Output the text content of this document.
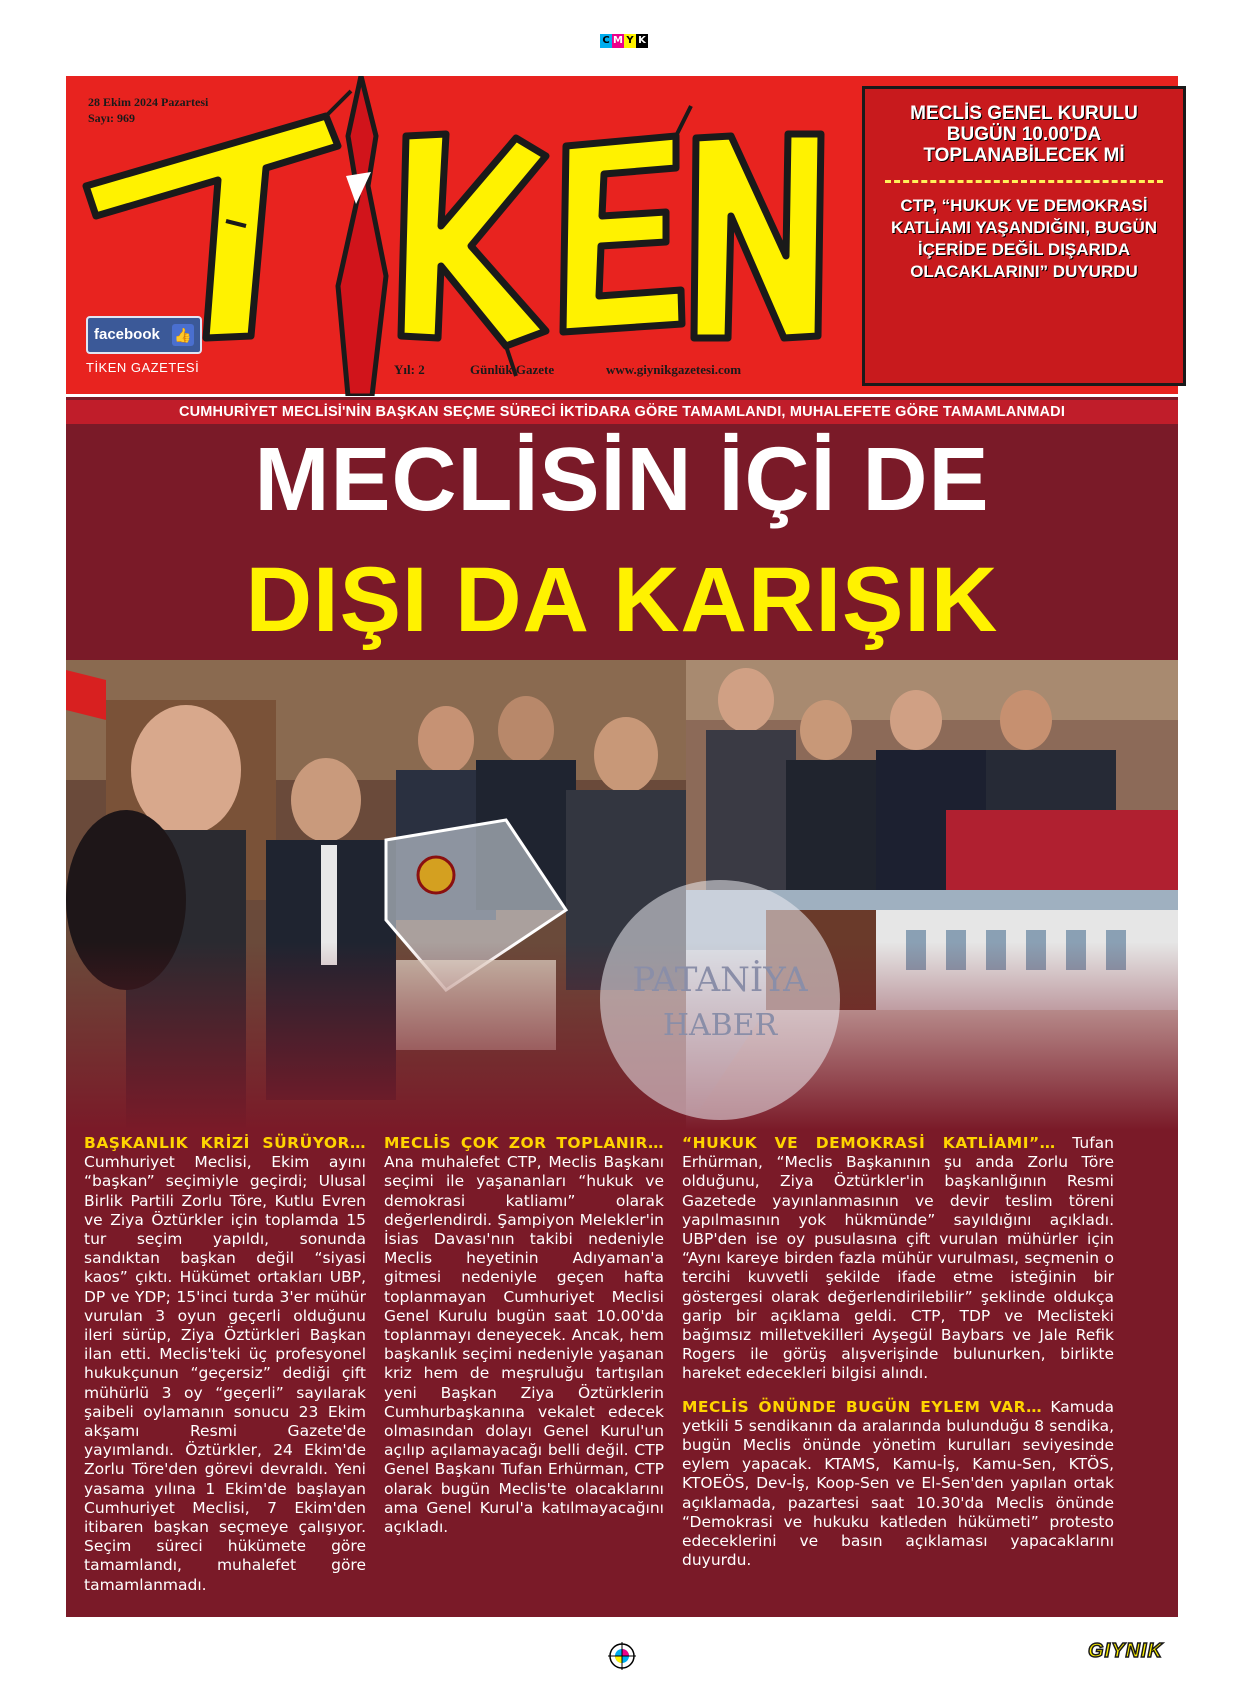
C M Y K
28 Ekim 2024 Pazartesi
Sayı: 969
facebook 👍
TİKEN GAZETESİ	Yıl: 2	Günlük Gazete	www.giynikgazetesi.com
MECLİS GENEL KURULU BUGÜN 10.00'DA TOPLANABİLECEK Mİ
CTP, “HUKUK VE DEMOKRASİ KATLİAMI YAŞANDIĞINI, BUGÜN İÇERİDE DEĞİL DIŞARIDA OLACAKLARINI” DUYURDU
CUMHURİYET MECLİSİ'NİN BAŞKAN SEÇME SÜRECİ İKTİDARA GÖRE TAMAMLANDI, MUHALEFETE GÖRE TAMAMLANMADI
MECLİSİN İÇİ DE
DIŞI DA KARIŞIK
PATANİYA
HABER

BAŞKANLIK KRİZİ SÜRÜYOR… Cumhuriyet Meclisi, Ekim ayını “başkan” seçimiyle geçirdi; Ulusal Birlik Partili Zorlu Töre, Kutlu Evren ve Ziya Öztürkler için toplamda 15 tur seçim yapıldı, sonunda sandıktan başkan değil “siyasi kaos” çıktı. Hükümet ortakları UBP, DP ve YDP; 15'inci turda 3'er mühür vurulan 3 oyun geçerli olduğunu ileri sürüp, Ziya Öztürkleri Başkan ilan etti. Meclis'teki üç profesyonel hukukçunun “geçersiz” dediği çift mühürlü 3 oy “geçerli” sayılarak şaibeli oylamanın sonucu 23 Ekim akşamı Resmi Gazete'de yayımlandı. Öztürkler, 24 Ekim'de Zorlu Töre'den görevi devraldı. Yeni yasama yılına 1 Ekim'de başlayan Cumhuriyet Meclisi, 7 Ekim'den itibaren başkan seçmeye çalışıyor. Seçim süreci hükümete göre tamamlandı, muhalefet göre tamamlanmadı.

MECLİS ÇOK ZOR TOPLANIR… Ana muhalefet CTP, Meclis Başkanı seçimi ile yaşananları “hukuk ve demokrasi katliamı” olarak değerlendirdi. Şampiyon Melekler'in İsias Davası'nın takibi nedeniyle Meclis heyetinin Adıyaman'a gitmesi nedeniyle geçen hafta toplanmayan Cumhuriyet Meclisi Genel Kurulu bugün saat 10.00'da toplanmayı deneyecek. Ancak, hem başkanlık seçimi nedeniyle yaşanan kriz hem de meşruluğu tartışılan yeni Başkan Ziya Öztürklerin Cumhurbaşkanına vekalet edecek olmasından dolayı Genel Kurul'un açılıp açılamayacağı belli değil. CTP Genel Başkanı Tufan Erhürman, CTP olarak bugün Meclis'te olacaklarını ama Genel Kurul'a katılmayacağını açıkladı.

“HUKUK VE DEMOKRASİ KATLİAMI”… Tufan Erhürman, “Meclis Başkanının şu anda Zorlu Töre olduğunu, Ziya Öztürkler'in başkanlığının Resmi Gazetede yayınlanmasının ve devir teslim töreni yapılmasının yok hükmünde” sayıldığını açıkladı. UBP'den ise oy pusulasına çift vurulan mühürler için “Aynı kareye birden fazla mühür vurulması, seçmenin o tercihi kuvvetli şekilde ifade etme isteğinin bir göstergesi olarak değerlendirilebilir” şeklinde oldukça garip bir açıklama geldi. CTP, TDP ve Meclisteki bağımsız milletvekilleri Ayşegül Baybars ve Jale Refik Rogers ile görüş alışverişinde bulunurken, birlikte hareket edecekleri bilgisi alındı.

MECLİS ÖNÜNDE BUGÜN EYLEM VAR… Kamuda yetkili 5 sendikanın da aralarında bulunduğu 8 sendika, bugün Meclis önünde yönetim kurulları seviyesinde eylem yapacak. KTAMS, Kamu-İş, Kamu-Sen, KTÖS, KTOEÖS, Dev-İş, Koop-Sen ve El-Sen'den yapılan ortak açıklamada, pazartesi saat 10.30'da Meclis önünde “Demokrasi ve hukuku katleden hükümeti” protesto edeceklerini ve basın açıklaması yapacaklarını duyurdu.

GIYNIK
